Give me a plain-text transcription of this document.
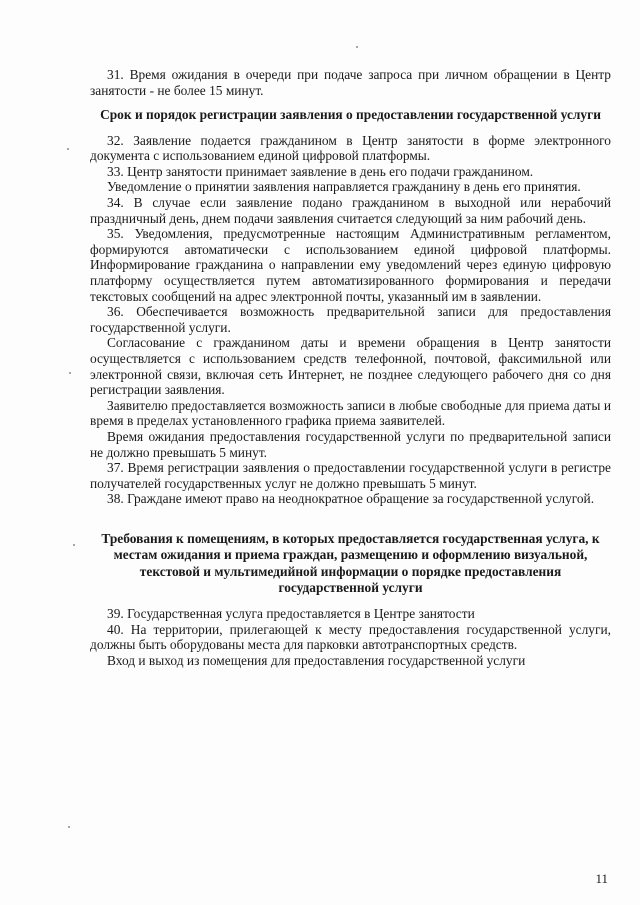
31. Время ожидания в очереди при подаче запроса при личном обращении в Центр занятости - не более 15 минут.

Срок и порядок регистрации заявления о предоставлении государственной услуги

32. Заявление подается гражданином в Центр занятости в форме электронного документа с использованием единой цифровой платформы.

33. Центр занятости принимает заявление в день его подачи гражданином.

Уведомление о принятии заявления направляется гражданину в день его принятия.

34. В случае если заявление подано гражданином в выходной или нерабочий праздничный день, днем подачи заявления считается следующий за ним рабочий день.

35. Уведомления, предусмотренные настоящим Административным регламентом, формируются автоматически с использованием единой цифровой платформы. Информирование гражданина о направлении ему уведомлений через единую цифровую платформу осуществляется путем автоматизированного формирования и передачи текстовых сообщений на адрес электронной почты, указанный им в заявлении.

36. Обеспечивается возможность предварительной записи для предоставления государственной услуги.

Согласование с гражданином даты и времени обращения в Центр занятости осуществляется с использованием средств телефонной, почтовой, факсимильной или электронной связи, включая сеть Интернет, не позднее следующего рабочего дня со дня регистрации заявления.

Заявителю предоставляется возможность записи в любые свободные для приема даты и время в пределах установленного графика приема заявителей.

Время ожидания предоставления государственной услуги по предварительной записи не должно превышать 5 минут.

37. Время регистрации заявления о предоставлении государственной услуги в регистре получателей государственных услуг не должно превышать 5 минут.

38. Граждане имеют право на неоднократное обращение за государственной услугой.

Требования к помещениям, в которых предоставляется государственная услуга, к местам ожидания и приема граждан, размещению и оформлению визуальной, текстовой и мультимедийной информации о порядке предоставления государственной услуги

39. Государственная услуга предоставляется в Центре занятости

40. На территории, прилегающей к месту предоставления государственной услуги, должны быть оборудованы места для парковки автотранспортных средств.

Вход и выход из помещения для предоставления государственной услуги

11
